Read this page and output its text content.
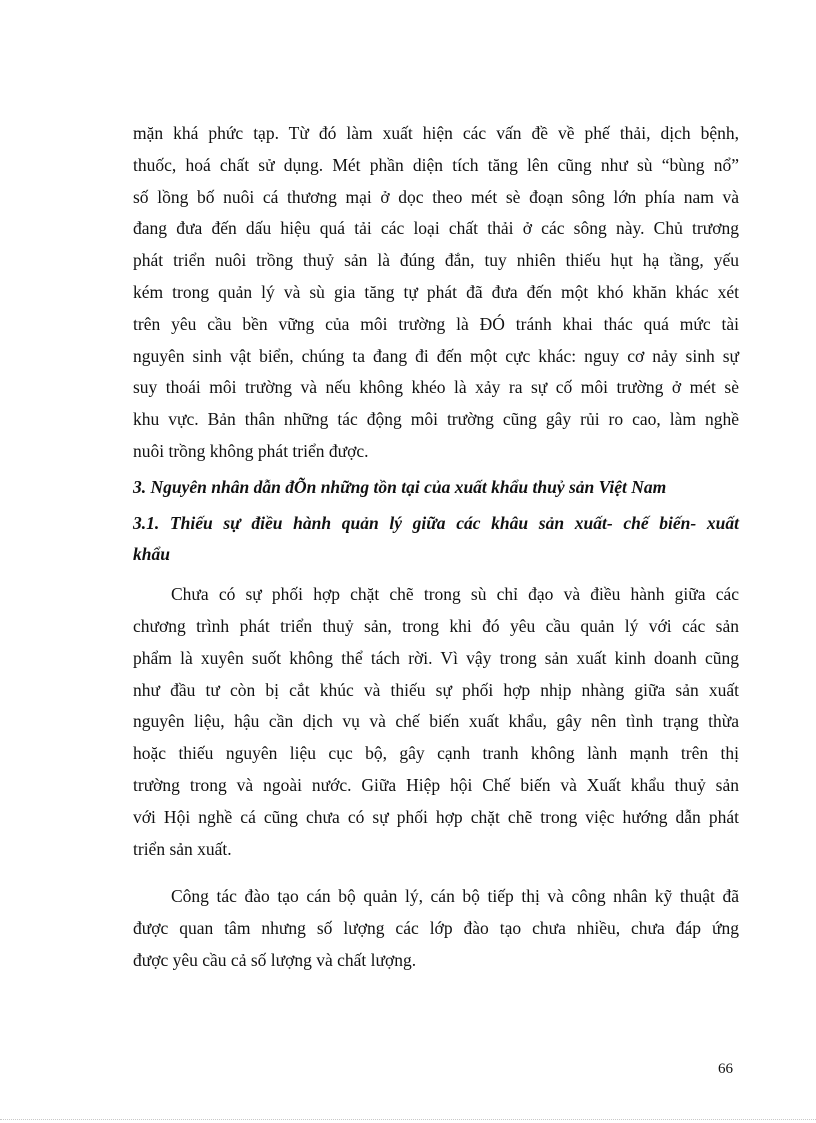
mặn khá phức tạp. Từ đó làm xuất hiện các vấn đề về phế thải, dịch bệnh,
thuốc, hoá chất sử dụng. Mét phần diện tích tăng lên cũng như sù “bùng nổ”
số lồng bố nuôi cá thương mại ở dọc theo mét sè đoạn sông lớn phía nam và
đang đưa đến dấu hiệu quá tải các loại chất thải ở các sông này. Chủ trương
phát triển nuôi trồng thuỷ sản là đúng đắn, tuy nhiên thiếu hụt hạ tầng, yếu
kém trong quản lý và sù gia tăng tự phát đã đưa đến một khó khăn khác xét
trên yêu cầu bền vững của môi trường là ĐÓ tránh khai thác quá mức tài
nguyên sinh vật biển, chúng ta đang đi đến một cực khác: nguy cơ nảy sinh sự
suy thoái môi trường và nếu không khéo là xảy ra sự cố môi trường ở mét sè
khu vực. Bản thân những tác động môi trường cũng gây rủi ro cao, làm nghề
nuôi trồng không phát triển được.
3. Nguyên nhân dẫn đÕn những tồn tại của xuất khẩu thuỷ sản Việt Nam
3.1. Thiếu sự điều hành quản lý giữa các khâu sản xuất- chế biến- xuất
khẩu
Chưa có sự phối hợp chặt chẽ trong sù chỉ đạo và điều hành giữa các
chương trình phát triển thuỷ sản, trong khi đó yêu cầu quản lý với các sản
phẩm là xuyên suốt không thể tách rời. Vì vậy trong sản xuất kinh doanh cũng
như đầu tư còn bị cắt khúc và thiếu sự phối hợp nhịp nhàng giữa sản xuất
nguyên liệu, hậu cần dịch vụ và chế biến xuất khẩu, gây nên tình trạng thừa
hoặc thiếu nguyên liệu cục bộ, gây cạnh tranh không lành mạnh trên thị
trường trong và ngoài nước. Giữa Hiệp hội Chế biến và Xuất khẩu thuỷ sản
với Hội nghề cá cũng chưa có sự phối hợp chặt chẽ trong việc hướng dẫn phát
triển sản xuất.
Công tác đào tạo cán bộ quản lý, cán bộ tiếp thị và công nhân kỹ thuật đã
được quan tâm nhưng số lượng các lớp đào tạo chưa nhiều, chưa đáp ứng
được yêu cầu cả số lượng và chất lượng.
66
